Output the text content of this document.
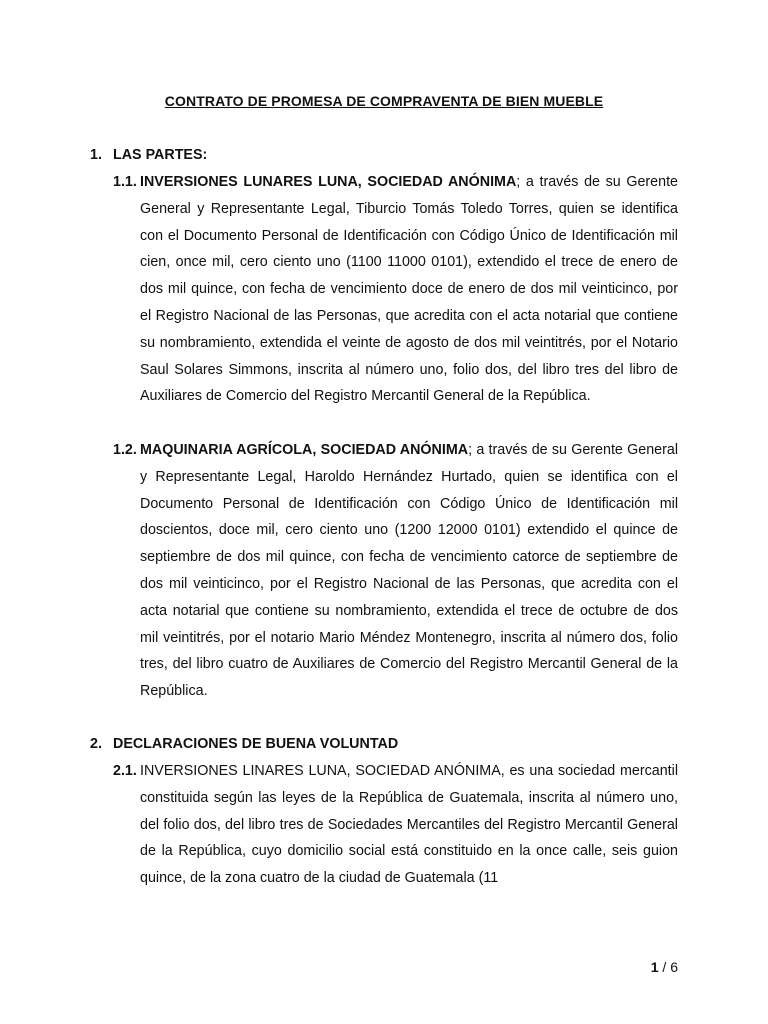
CONTRATO DE PROMESA DE COMPRAVENTA DE BIEN MUEBLE
1. LAS PARTES:
1.1. INVERSIONES LUNARES LUNA, SOCIEDAD ANÓNIMA; a través de su Gerente General y Representante Legal, Tiburcio Tomás Toledo Torres, quien se identifica con el Documento Personal de Identificación con Código Único de Identificación mil cien, once mil, cero ciento uno (1100 11000 0101), extendido el trece de enero de dos mil quince, con fecha de vencimiento doce de enero de dos mil veinticinco, por el Registro Nacional de las Personas, que acredita con el acta notarial que contiene su nombramiento, extendida el veinte de agosto de dos mil veintitrés, por el Notario Saul Solares Simmons, inscrita al número uno, folio dos, del libro tres del libro de Auxiliares de Comercio del Registro Mercantil General de la República.
1.2. MAQUINARIA AGRÍCOLA, SOCIEDAD ANÓNIMA; a través de su Gerente General y Representante Legal, Haroldo Hernández Hurtado, quien se identifica con el Documento Personal de Identificación con Código Único de Identificación mil doscientos, doce mil, cero ciento uno (1200 12000 0101) extendido el quince de septiembre de dos mil quince, con fecha de vencimiento catorce de septiembre de dos mil veinticinco, por el Registro Nacional de las Personas, que acredita con el acta notarial que contiene su nombramiento, extendida el trece de octubre de dos mil veintitrés, por el notario Mario Méndez Montenegro, inscrita al número dos, folio tres, del libro cuatro de Auxiliares de Comercio del Registro Mercantil General de la República.
2. DECLARACIONES DE BUENA VOLUNTAD
2.1. INVERSIONES LINARES LUNA, SOCIEDAD ANÓNIMA, es una sociedad mercantil constituida según las leyes de la República de Guatemala, inscrita al número uno, del folio dos, del libro tres de Sociedades Mercantiles del Registro Mercantil General de la República, cuyo domicilio social está constituido en la once calle, seis guion quince, de la zona cuatro de la ciudad de Guatemala (11
1 / 6
